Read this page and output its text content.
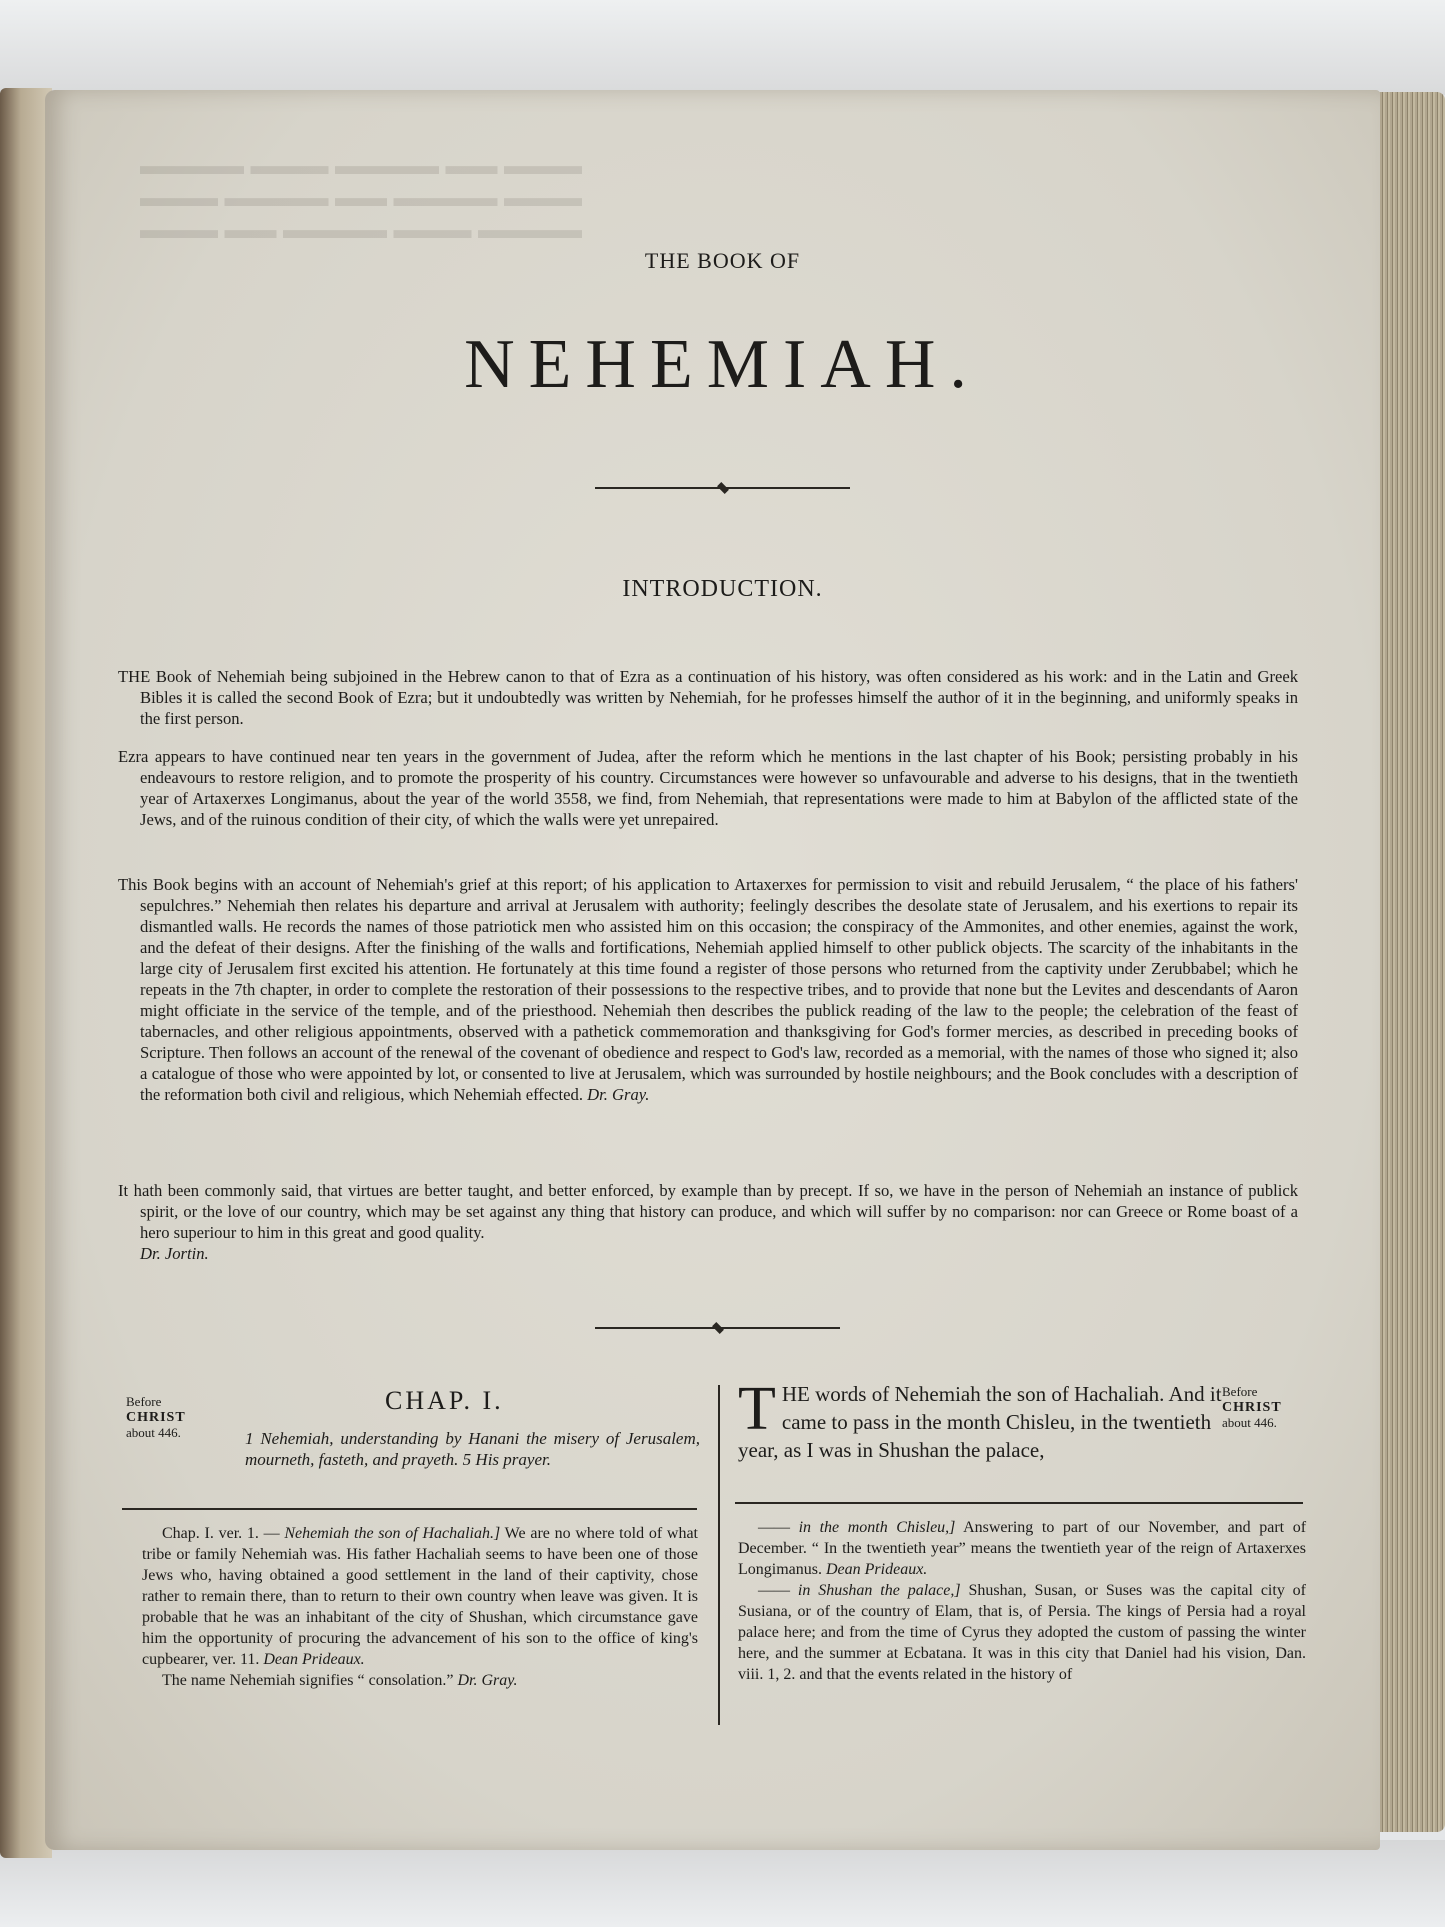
▬▬▬ ▬▬ ▬▬▬▬ ▬▬▬ ▬▬▬▬
▬▬▬ ▬▬▬▬ ▬▬ ▬▬▬▬ ▬▬▬
▬▬▬▬ ▬▬▬ ▬▬▬▬ ▬▬ ▬▬▬
THE BOOK OF
NEHEMIAH.
INTRODUCTION.
THE Book of Nehemiah being subjoined in the Hebrew canon to that of Ezra as a continuation of his history, was often considered as his work: and in the Latin and Greek Bibles it is called the second Book of Ezra; but it undoubtedly was written by Nehemiah, for he professes himself the author of it in the beginning, and uniformly speaks in the first person.
Ezra appears to have continued near ten years in the government of Judea, after the reform which he mentions in the last chapter of his Book; persisting probably in his endeavours to restore religion, and to promote the prosperity of his country. Circumstances were however so unfavourable and adverse to his designs, that in the twentieth year of Artaxerxes Longimanus, about the year of the world 3558, we find, from Nehemiah, that representations were made to him at Babylon of the afflicted state of the Jews, and of the ruinous condition of their city, of which the walls were yet unrepaired.
This Book begins with an account of Nehemiah's grief at this report; of his application to Artaxerxes for permission to visit and rebuild Jerusalem, “ the place of his fathers' sepulchres.” Nehemiah then relates his departure and arrival at Jerusalem with authority; feelingly describes the desolate state of Jerusalem, and his exertions to repair its dismantled walls. He records the names of those patriotick men who assisted him on this occasion; the conspiracy of the Ammonites, and other enemies, against the work, and the defeat of their designs. After the finishing of the walls and fortifications, Nehemiah applied himself to other publick objects. The scarcity of the inhabitants in the large city of Jerusalem first excited his attention. He fortunately at this time found a register of those persons who returned from the captivity under Zerubbabel; which he repeats in the 7th chapter, in order to complete the restoration of their possessions to the respective tribes, and to provide that none but the Levites and descendants of Aaron might officiate in the service of the temple, and of the priesthood. Nehemiah then describes the publick reading of the law to the people; the celebration of the feast of tabernacles, and other religious appointments, observed with a pathetick commemoration and thanksgiving for God's former mercies, as described in preceding books of Scripture. Then follows an account of the renewal of the covenant of obedience and respect to God's law, recorded as a memorial, with the names of those who signed it; also a catalogue of those who were appointed by lot, or consented to live at Jerusalem, which was surrounded by hostile neighbours; and the Book concludes with a description of the reformation both civil and religious, which Nehemiah effected. Dr. Gray.
It hath been commonly said, that virtues are better taught, and better enforced, by example than by precept. If so, we have in the person of Nehemiah an instance of publick spirit, or the love of our country, which may be set against any thing that history can produce, and which will suffer by no comparison: nor can Greece or Rome boast of a hero superiour to him in this great and good quality.
Dr. Jortin.
Before
CHRIST
about 446.
CHAP. I.
1 Nehemiah, understanding by Hanani the misery of Jerusalem, mourneth, fasteth, and prayeth. 5 His prayer.
THE words of Nehemiah the son of Hachaliah. And it came to pass in the month Chisleu, in the twentieth year, as I was in Shushan the palace,
Before
CHRIST
about 446.

Chap. I. ver. 1. — Nehemiah the son of Hachaliah.] We are no where told of what tribe or family Nehemiah was. His father Hachaliah seems to have been one of those Jews who, having obtained a good settlement in the land of their captivity, chose rather to remain there, than to return to their own country when leave was given. It is probable that he was an inhabitant of the city of Shushan, which circumstance gave him the opportunity of procuring the advancement of his son to the office of king's cupbearer, ver. 11. Dean Prideaux.

The name Nehemiah signifies “ consolation.” Dr. Gray.

—— in the month Chisleu,] Answering to part of our November, and part of December. “ In the twentieth year” means the twentieth year of the reign of Artaxerxes Longimanus. Dean Prideaux.

—— in Shushan the palace,] Shushan, Susan, or Suses was the capital city of Susiana, or of the country of Elam, that is, of Persia. The kings of Persia had a royal palace here; and from the time of Cyrus they adopted the custom of passing the winter here, and the summer at Ecbatana. It was in this city that Daniel had his vision, Dan. viii. 1, 2. and that the events related in the history of
